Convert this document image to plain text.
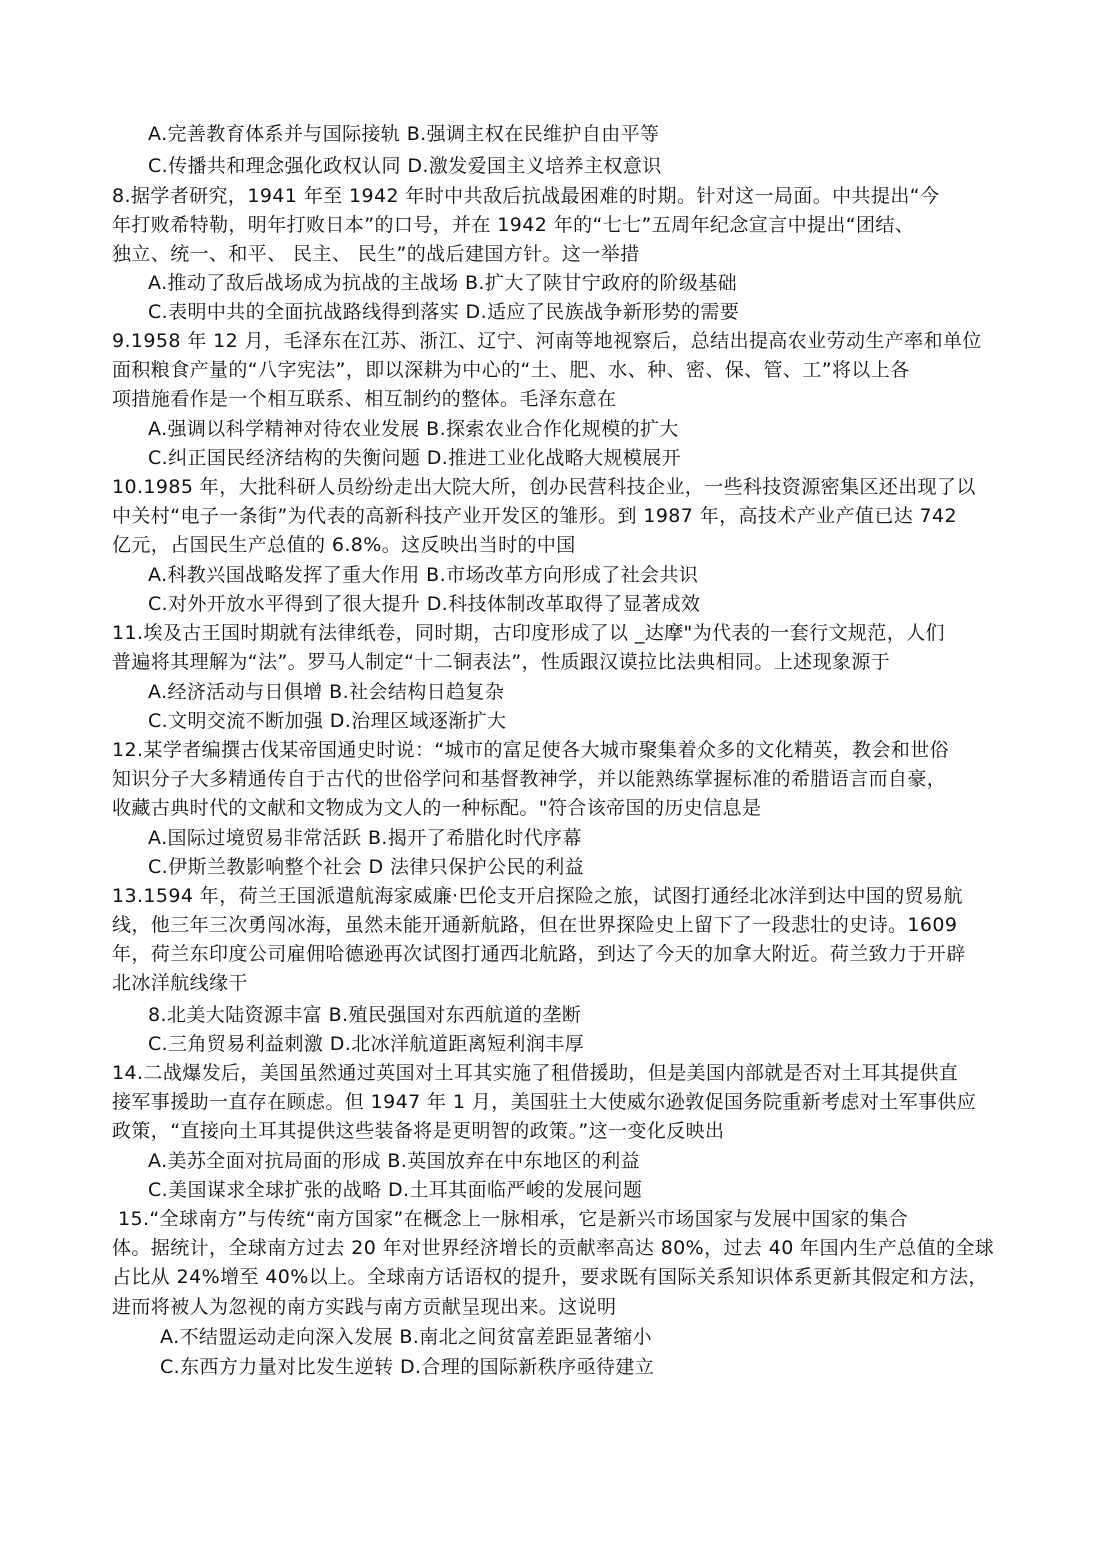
A.完善教育体系并与国际接轨 B.强调主权在民维护自由平等
C.传播共和理念强化政权认同 D.激发爱国主义培养主权意识
8.据学者研究，1941 年至 1942 年时中共敌后抗战最困难的时期。针对这一局面。中共提出“今
年打败希特勒，明年打败日本”的口号，并在 1942 年的“七七”五周年纪念宣言中提出“团结、
独立、统一、和平、 民主、 民生”的战后建国方针。这一举措
A.推动了敌后战场成为抗战的主战场 B.扩大了陕甘宁政府的阶级基础
C.表明中共的全面抗战路线得到落实 D.适应了民族战争新形势的需要
9.1958 年 12 月，毛泽东在江苏、浙江、辽宁、河南等地视察后，总结出提高农业劳动生产率和单位
面积粮食产量的“八字宪法”，即以深耕为中心的“土、肥、水、种、密、保、管、工”将以上各
项措施看作是一个相互联系、相互制约的整体。毛泽东意在
A.强调以科学精神对待农业发展 B.探索农业合作化规模的扩大
C.纠正国民经济结构的失衡问题 D.推进工业化战略大规模展开
10.1985 年，大批科研人员纷纷走出大院大所，创办民营科技企业，一些科技资源密集区还出现了以
中关村“电子一条街”为代表的高新科技产业开发区的雏形。到 1987 年，高技术产业产值已达 742
亿元，占国民生产总值的 6.8%。这反映出当时的中国
A.科教兴国战略发挥了重大作用 B.市场改革方向形成了社会共识
C.对外开放水平得到了很大提升 D.科技体制改革取得了显著成效
11.埃及古王国时期就有法律纸卷，同时期，古印度形成了以 _达摩"为代表的一套行文规范，人们
普遍将其理解为“法”。罗马人制定“十二铜表法”，性质跟汉谟拉比法典相同。上述现象源于
A.经济活动与日俱增 B.社会结构日趋复杂
C.文明交流不断加强 D.治理区域逐渐扩大
12.某学者编撰古伐某帝国通史时说：“城市的富足使各大城市聚集着众多的文化精英，教会和世俗
知识分子大多精通传自于古代的世俗学问和基督教神学，并以能熟练掌握标准的希腊语言而自豪，
收藏古典时代的文献和文物成为文人的一种标配。"符合该帝国的历史信息是
A.国际过境贸易非常活跃 B.揭开了希腊化时代序幕
C.伊斯兰教影响整个社会 D 法律只保护公民的利益
13.1594 年，荷兰王国派遣航海家威廉·巴伦支开启探险之旅，试图打通经北冰洋到达中国的贸易航
线，他三年三次勇闯冰海，虽然未能开通新航路，但在世界探险史上留下了一段悲壮的史诗。1609
年，荷兰东印度公司雇佣哈德逊再次试图打通西北航路，到达了今天的加拿大附近。荷兰致力于开辟
北冰洋航线缘干
8.北美大陆资源丰富 B.殖民强国对东西航道的垄断
C.三角贸易利益刺激 D.北冰洋航道距离短利润丰厚
14.二战爆发后，美国虽然通过英国对土耳其实施了租借援助，但是美国内部就是否对土耳其提供直
接军事援助一直存在顾虑。但 1947 年 1 月，美国驻土大使威尔逊敦促国务院重新考虑对土军事供应
政策，“直接向土耳其提供这些装备将是更明智的政策。”这一变化反映出
A.美苏全面对抗局面的形成 B.英国放弃在中东地区的利益
C.美国谋求全球扩张的战略 D.土耳其面临严峻的发展问题
15.“全球南方”与传统“南方国家”在概念上一脉相承，它是新兴市场国家与发展中国家的集合
体。据统计，全球南方过去 20 年对世界经济增长的贡献率高达 80%，过去 40 年国内生产总值的全球
占比从 24%增至 40%以上。全球南方话语权的提升，要求既有国际关系知识体系更新其假定和方法，
进而将被人为忽视的南方实践与南方贡献呈现出来。这说明
A.不结盟运动走向深入发展 B.南北之间贫富差距显著缩小
C.东西方力量对比发生逆转 D.合理的国际新秩序亟待建立
